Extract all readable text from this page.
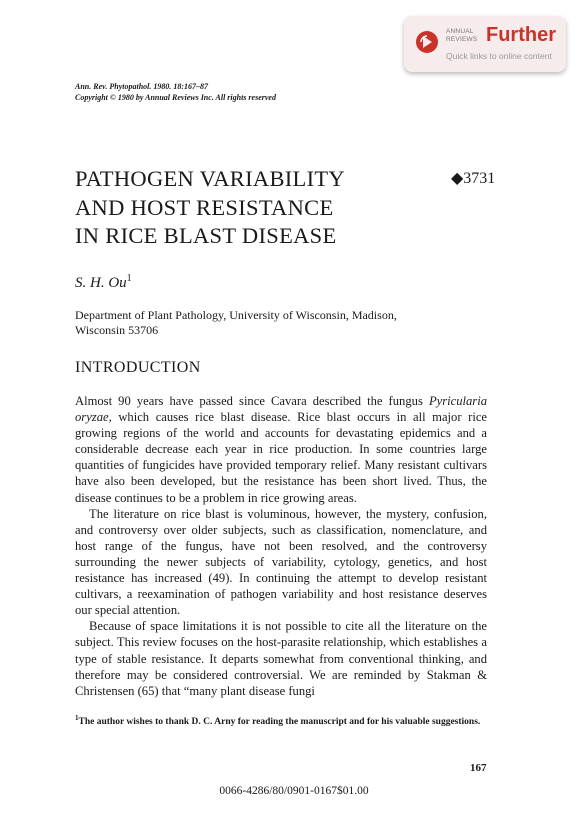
ANNUAL
REVIEWS Further
Quick links to online content
Ann. Rev. Phytopathol. 1980. 18:167–87
Copyright © 1980 by Annual Reviews Inc. All rights reserved
PATHOGEN VARIABILITY
AND HOST RESISTANCE
IN RICE BLAST DISEASE
◆3731
S. H. Ou$^1$
Department of Plant Pathology, University of Wisconsin, Madison,
Wisconsin 53706
INTRODUCTION

Almost 90 years have passed since Cavara described the fungus Pyricularia oryzae, which causes rice blast disease. Rice blast occurs in all major rice growing regions of the world and accounts for devastating epidemics and a considerable decrease each year in rice production. In some countries large quantities of fungicides have provided temporary relief. Many resistant cultivars have also been developed, but the resistance has been short lived. Thus, the disease continues to be a problem in rice growing areas.

The literature on rice blast is voluminous, however, the mystery, confusion, and controversy over older subjects, such as classification, nomenclature, and host range of the fungus, have not been resolved, and the controversy surrounding the newer subjects of variability, cytology, genetics, and host resistance has increased (49). In continuing the attempt to develop resistant cultivars, a reexamination of pathogen variability and host resistance deserves our special attention.

Because of space limitations it is not possible to cite all the literature on the subject. This review focuses on the host-parasite relationship, which establishes a type of stable resistance. It departs somewhat from conventional thinking, and therefore may be considered controversial. We are reminded by Stakman & Christensen (65) that “many plant disease fungi

$^1$The author wishes to thank D. C. Arny for reading the manuscript and for his valuable suggestions.
167
0066-4286/80/0901-0167$01.00
